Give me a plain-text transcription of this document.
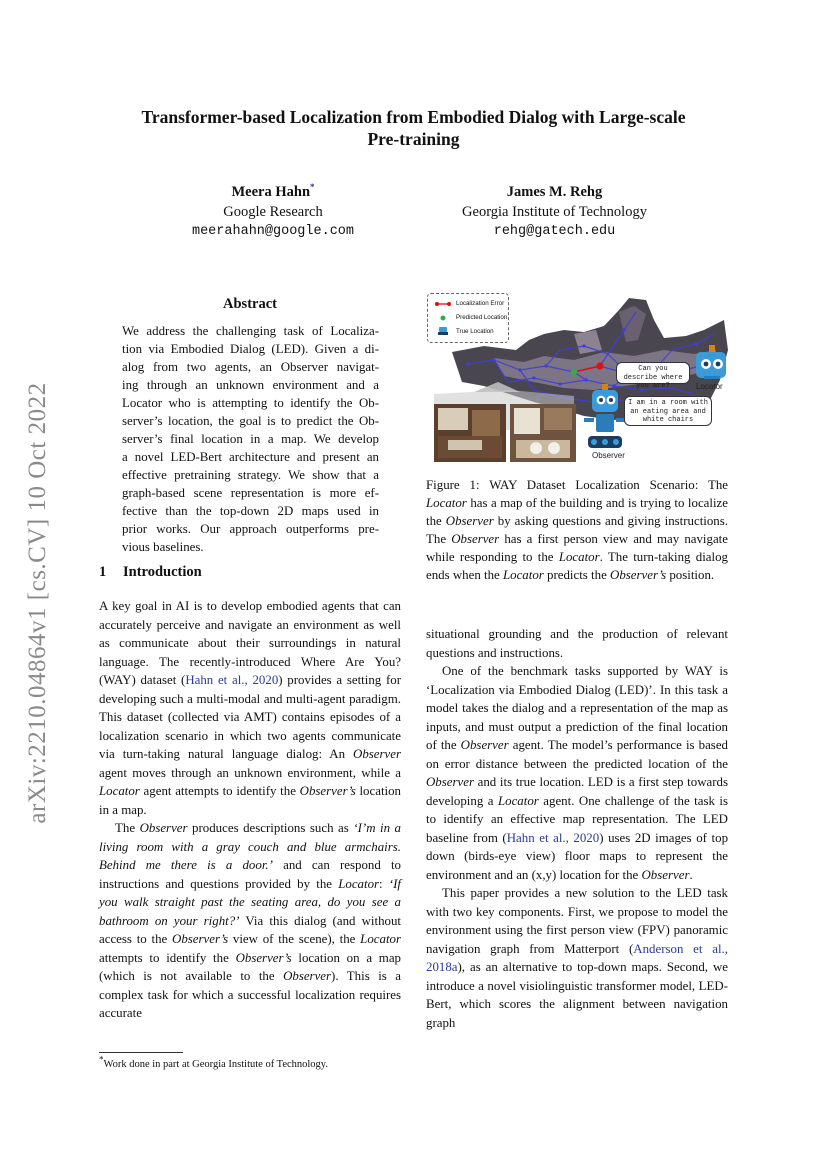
arXiv:2210.04864v1 [cs.CV] 10 Oct 2022
Transformer-based Localization from Embodied Dialog with Large-scale
Pre-training
Meera Hahn*
Google Research
meerahahn@google.com
James M. Rehg
Georgia Institute of Technology
rehg@gatech.edu
Abstract
We address the challenging task of Localiza-
tion via Embodied Dialog (LED). Given a di-
alog from two agents, an Observer navigat-
ing through an unknown environment and a
Locator who is attempting to identify the Ob-
server’s location, the goal is to predict the Ob-
server’s final location in a map. We develop
a novel LED-Bert architecture and present an
effective pretraining strategy. We show that a
graph-based scene representation is more ef-
fective than the top-down 2D maps used in
prior works. Our approach outperforms pre-
vious baselines.
1 Introduction

A key goal in AI is to develop embodied agents that can accurately perceive and navigate an environment as well as communicate about their surroundings in natural language. The recently-introduced Where Are You? (WAY) dataset (Hahn et al., 2020) provides a setting for developing such a multi-modal and multi-agent paradigm. This dataset (collected via AMT) contains episodes of a localization scenario in which two agents communicate via turn-taking natural language dialog: An Observer agent moves through an unknown environment, while a Locator agent attempts to identify the Observer’s location in a map.

The Observer produces descriptions such as ‘I’m in a living room with a gray couch and blue armchairs. Behind me there is a door.’ and can respond to instructions and questions provided by the Locator: ‘If you walk straight past the seating area, do you see a bathroom on your right?’ Via this dialog (and without access to the Observer’s view of the scene), the Locator attempts to identify the Observer’s location on a map (which is not available to the Observer). This is a complex task for which a successful localization requires accurate

*Work done in part at Georgia Institute of Technology.
Localization Error
Predicted Location
True Location
Can you describe where you are?
I am in a room with an eating area and white chairs
Locator
Observer
Figure 1: WAY Dataset Localization Scenario: The Locator has a map of the building and is trying to localize the Observer by asking questions and giving instructions. The Observer has a first person view and may navigate while responding to the Locator. The turn-taking dialog ends when the Locator predicts the Observer’s position.

situational grounding and the production of relevant questions and instructions.

One of the benchmark tasks supported by WAY is ‘Localization via Embodied Dialog (LED)’. In this task a model takes the dialog and a representation of the map as inputs, and must output a prediction of the final location of the Observer agent. The model’s performance is based on error distance between the predicted location of the Observer and its true location. LED is a first step towards developing a Locator agent. One challenge of the task is to identify an effective map representation. The LED baseline from (Hahn et al., 2020) uses 2D images of top down (birds-eye view) floor maps to represent the environment and an (x,y) location for the Observer.

This paper provides a new solution to the LED task with two key components. First, we propose to model the environment using the first person view (FPV) panoramic navigation graph from Matterport (Anderson et al., 2018a), as an alternative to top-down maps. Second, we introduce a novel visiolinguistic transformer model, LED-Bert, which scores the alignment between navigation graph
